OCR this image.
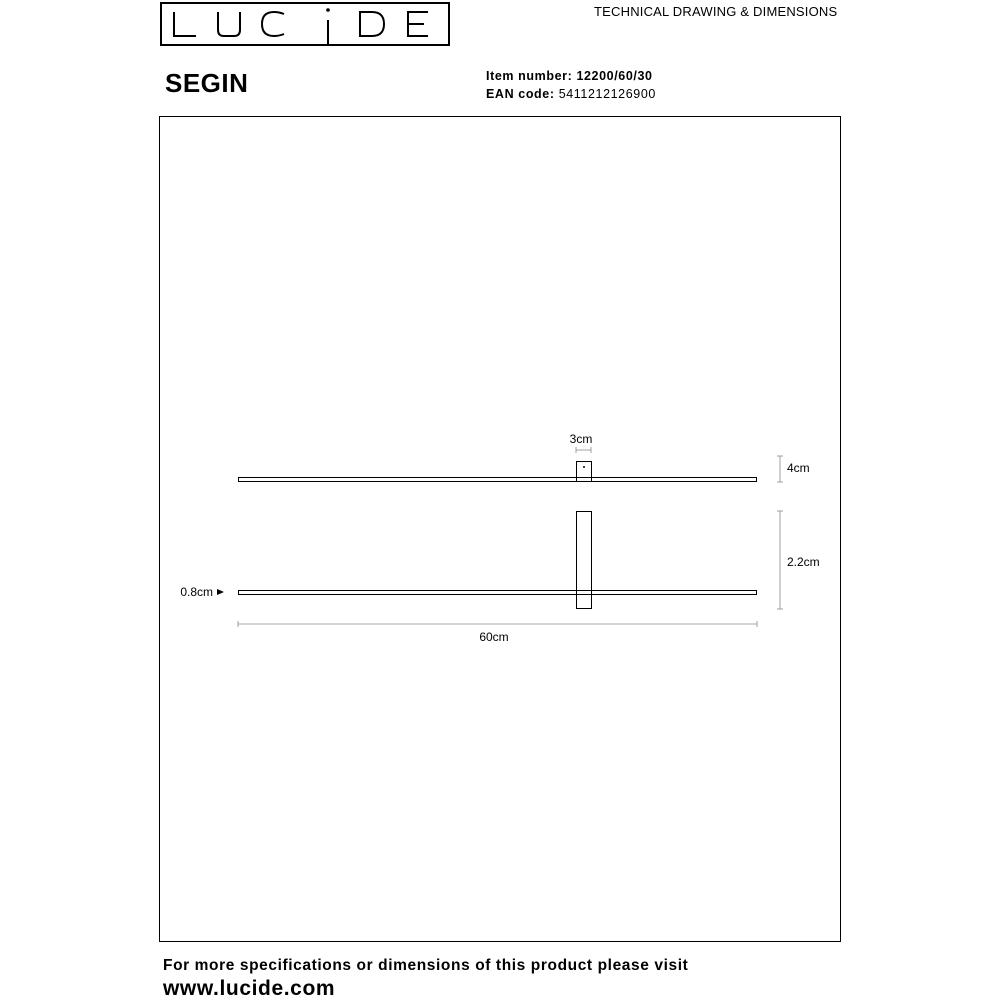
TECHNICAL DRAWING & DIMENSIONS
SEGIN	Item number: 12200/60/30
EAN code: 5411212126900
3cm
4cm
2.2cm
0.8cm
60cm
For more specifications or dimensions of this product please visit
www.lucide.com
